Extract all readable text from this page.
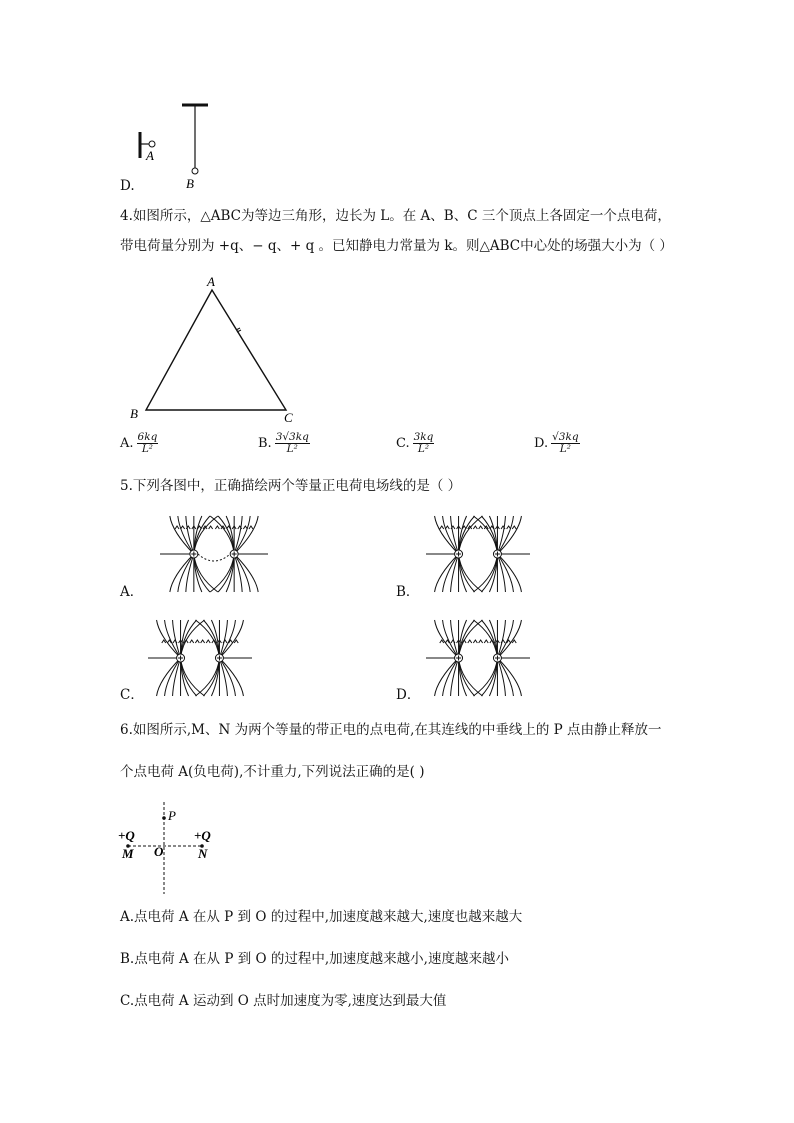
A
B
D.
4.如图所示，△ABC为等边三角形，边长为 L。在 A、B、C 三个顶点上各固定一个点电荷，
带电荷量分别为 +q、− q、+ q 。已知静电力常量为 k。则△ABC中心处的场强大小为（ ）
A
B	C
A. $\frac{6kq}{\text{L²}}$	B. $\frac{3√3kq}{\text{L²}}$	C. $\frac{3kq}{\text{L²}}$	D. $\frac{√3kq}{\text{L²}}$
5.下列各图中，正确描绘两个等量正电荷电场线的是（ ）
A．	B．
C．	D．
6.如图所示,M、N 为两个等量的带正电的点电荷,在其连线的中垂线上的 P 点由静止释放一
个点电荷 A(负电荷),不计重力,下列说法正确的是( )
P
+Q	+Q
M	N
O
A.点电荷 A 在从 P 到 O 的过程中,加速度越来越大,速度也越来越大
B.点电荷 A 在从 P 到 O 的过程中,加速度越来越小,速度越来越小
C.点电荷 A 运动到 O 点时加速度为零,速度达到最大值
